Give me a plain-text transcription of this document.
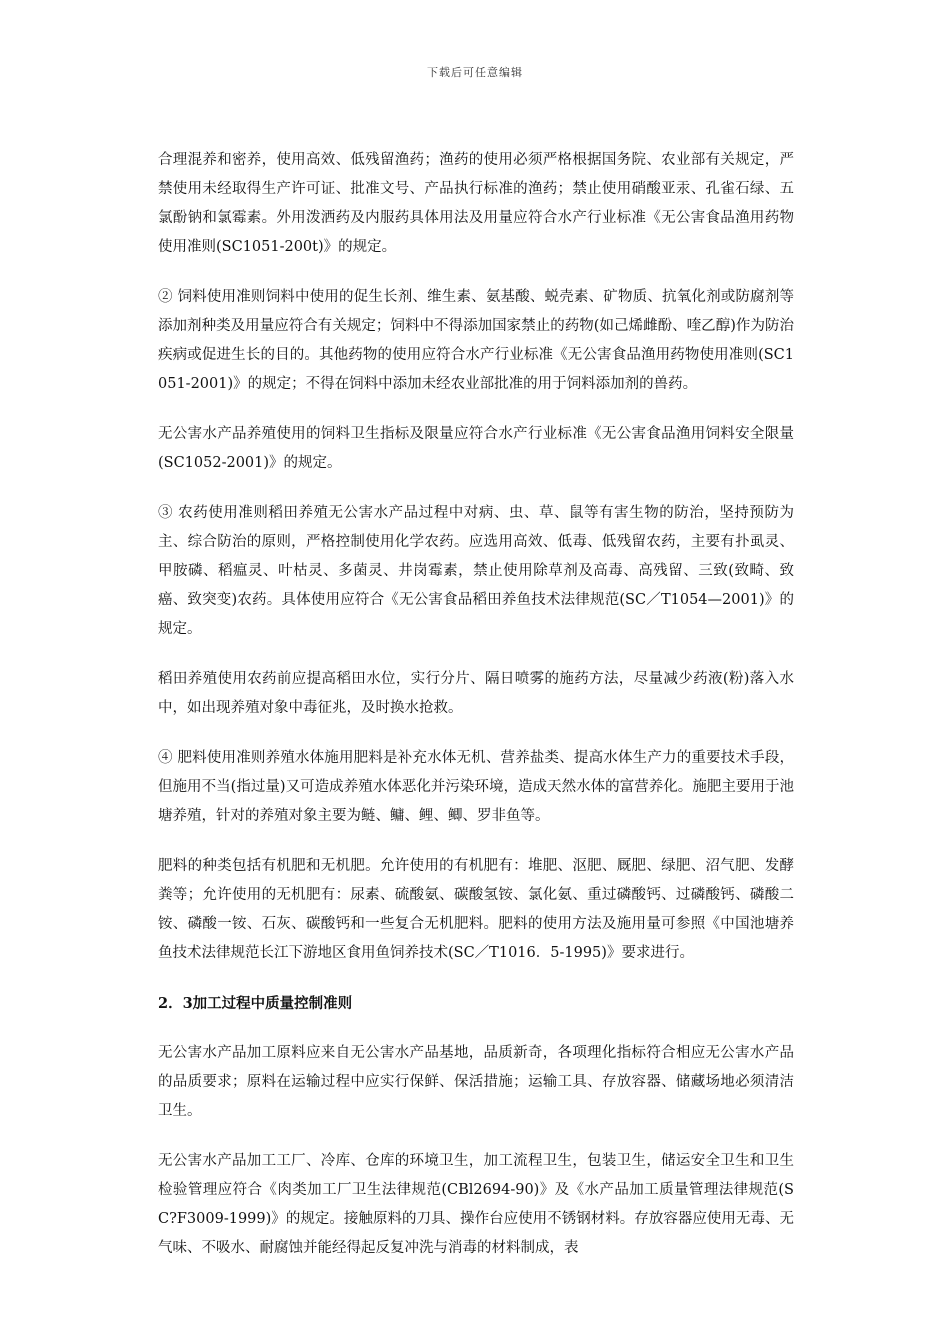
下载后可任意编辑

合理混养和密养，使用高效、低残留渔药；渔药的使用必须严格根据国务院、农业部有关规定，严禁使用未经取得生产许可证、批准文号、产品执行标准的渔药；禁止使用硝酸亚汞、孔雀石绿、五氯酚钠和氯霉素。外用泼洒药及内服药具体用法及用量应符合水产行业标准《无公害食品渔用药物使用准则(SC1051-200t)》的规定。

② 饲料使用准则饲料中使用的促生长剂、维生素、氨基酸、蜕壳素、矿物质、抗氧化剂或防腐剂等添加剂种类及用量应符合有关规定；饲料中不得添加国家禁止的药物(如己烯雌酚、喹乙醇)作为防治疾病或促进生长的目的。其他药物的使用应符合水产行业标准《无公害食品渔用药物使用准则(SC1051-2001)》的规定；不得在饲料中添加未经农业部批准的用于饲料添加剂的兽药。

无公害水产品养殖使用的饲料卫生指标及限量应符合水产行业标准《无公害食品渔用饲料安全限量(SC1052-2001)》的规定。

③ 农药使用准则稻田养殖无公害水产品过程中对病、虫、草、鼠等有害生物的防治，坚持预防为主、综合防治的原则，严格控制使用化学农药。应选用高效、低毒、低残留农药，主要有扑虱灵、甲胺磷、稻瘟灵、叶枯灵、多菌灵、井岗霉素，禁止使用除草剂及高毒、高残留、三致(致畸、致癌、致突变)农药。具体使用应符合《无公害食品稻田养鱼技术法律规范(SC／T1054—2001)》的规定。

稻田养殖使用农药前应提高稻田水位，实行分片、隔日喷雾的施药方法，尽量减少药液(粉)落入水中，如出现养殖对象中毒征兆，及时换水抢救。

④ 肥料使用准则养殖水体施用肥料是补充水体无机、营养盐类、提高水体生产力的重要技术手段，但施用不当(指过量)又可造成养殖水体恶化并污染环境，造成天然水体的富营养化。施肥主要用于池塘养殖，针对的养殖对象主要为鲢、鳙、鲤、鲫、罗非鱼等。

肥料的种类包括有机肥和无机肥。允许使用的有机肥有：堆肥、沤肥、厩肥、绿肥、沼气肥、发酵粪等；允许使用的无机肥有：尿素、硫酸氨、碳酸氢铵、氯化氨、重过磷酸钙、过磷酸钙、磷酸二铵、磷酸一铵、石灰、碳酸钙和一些复合无机肥料。肥料的使用方法及施用量可参照《中国池塘养鱼技术法律规范长江下游地区食用鱼饲养技术(SC／T1016．5-1995)》要求进行。

2．3加工过程中质量控制准则

无公害水产品加工原料应来自无公害水产品基地，品质新奇，各项理化指标符合相应无公害水产品的品质要求；原料在运输过程中应实行保鲜、保活措施；运输工具、存放容器、储藏场地必须清洁卫生。

无公害水产品加工工厂、冷库、仓库的环境卫生，加工流程卫生，包装卫生，储运安全卫生和卫生检验管理应符合《肉类加工厂卫生法律规范(CBl2694-90)》及《水产品加工质量管理法律规范(SC?F3009-1999)》的规定。接触原料的刀具、操作台应使用不锈钢材料。存放容器应使用无毒、无气味、不吸水、耐腐蚀并能经得起反复冲洗与消毒的材料制成，表
